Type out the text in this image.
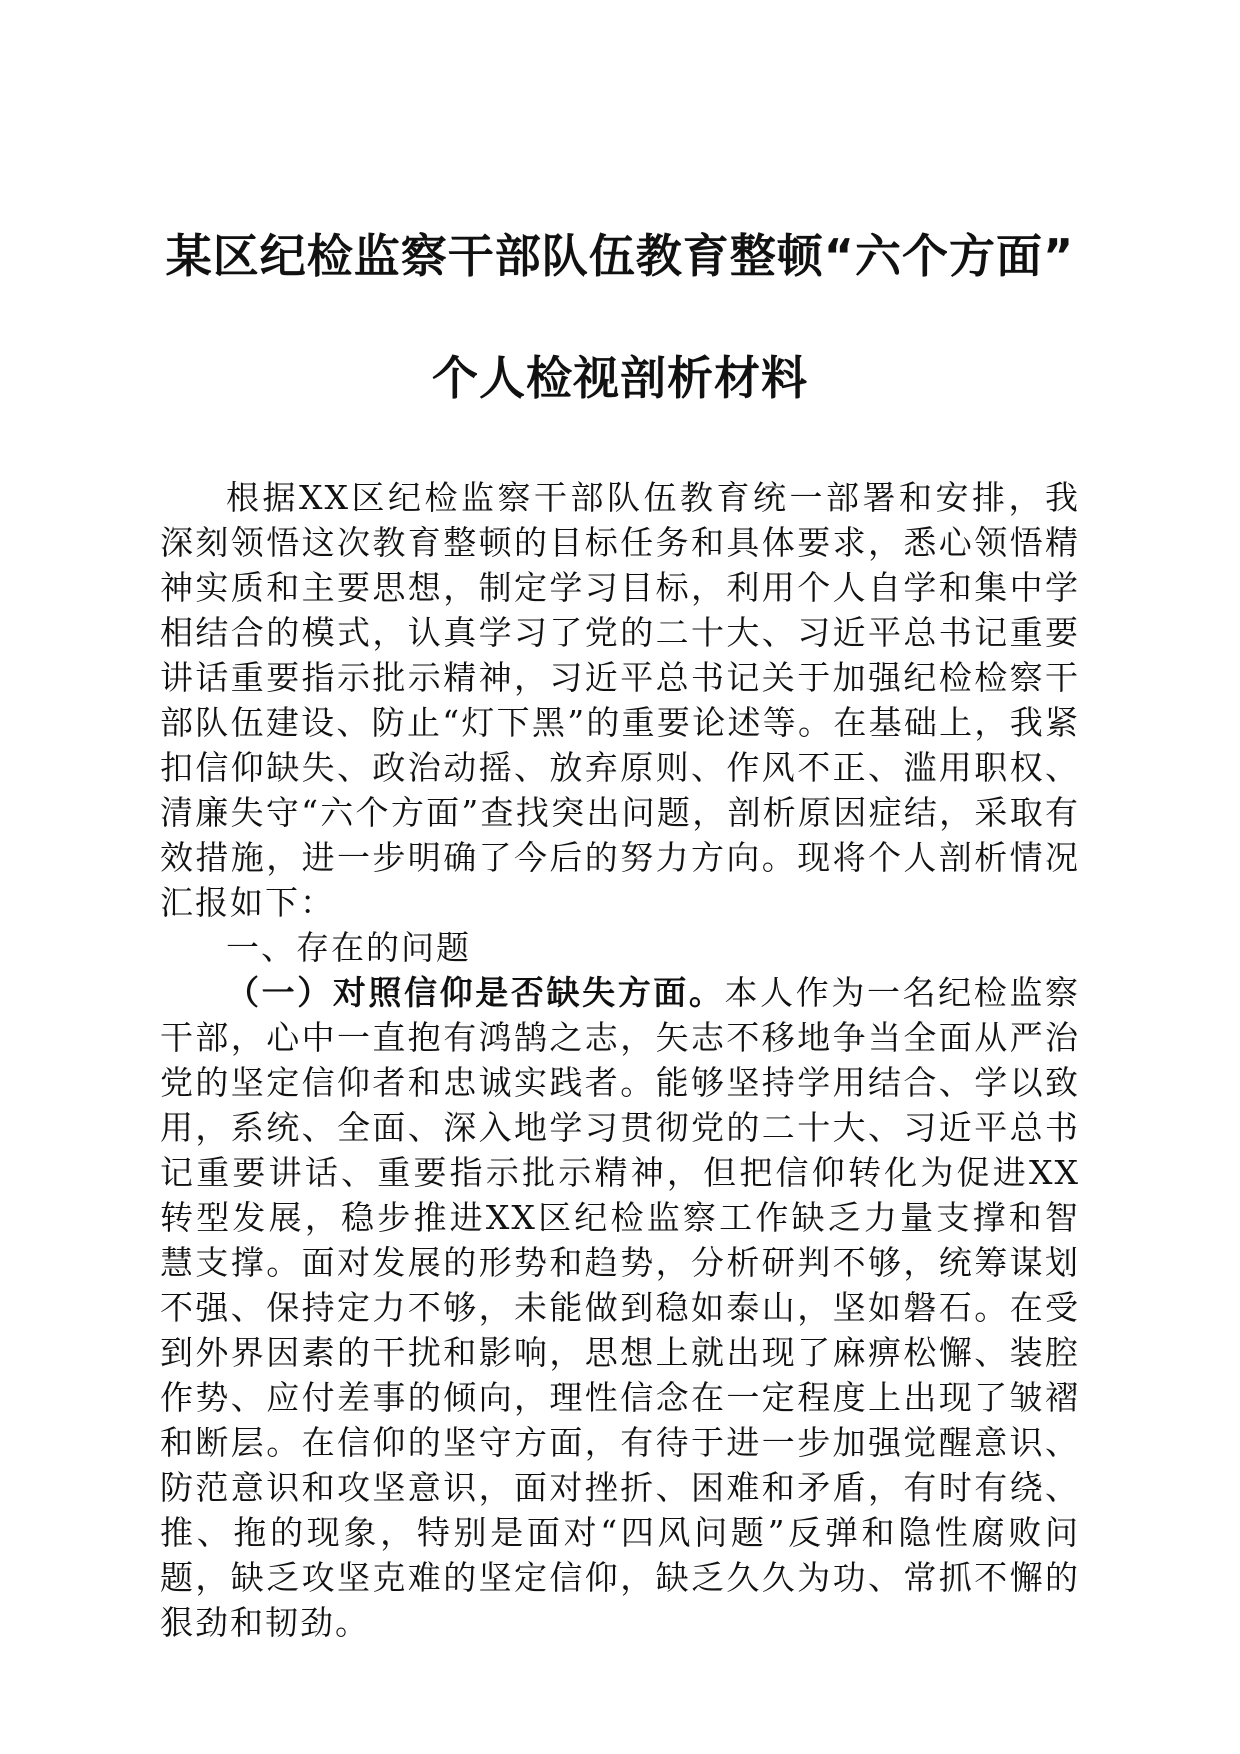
某区纪检监察干部队伍教育整顿“六个方面”
个人检视剖析材料

根据XX区纪检监察干部队伍教育统一部署和安排，我深刻领悟这次教育整顿的目标任务和具体要求，悉心领悟精神实质和主要思想，制定学习目标，利用个人自学和集中学相结合的模式，认真学习了党的二十大、习近平总书记重要讲话重要指示批示精神，习近平总书记关于加强纪检检察干部队伍建设、防止“灯下黑”的重要论述等。在基础上，我紧扣信仰缺失、政治动摇、放弃原则、作风不正、滥用职权、清廉失守“六个方面”查找突出问题，剖析原因症结，采取有效措施，进一步明确了今后的努力方向。现将个人剖析情况汇报如下：

一、存在的问题

（一）对照信仰是否缺失方面。本人作为一名纪检监察干部，心中一直抱有鸿鹄之志，矢志不移地争当全面从严治党的坚定信仰者和忠诚实践者。能够坚持学用结合、学以致用，系统、全面、深入地学习贯彻党的二十大、习近平总书记重要讲话、重要指示批示精神，但把信仰转化为促进XX转型发展，稳步推进XX区纪检监察工作缺乏力量支撑和智慧支撑。面对发展的形势和趋势，分析研判不够，统筹谋划不强、保持定力不够，未能做到稳如泰山，坚如磐石。在受到外界因素的干扰和影响，思想上就出现了麻痹松懈、装腔作势、应付差事的倾向，理性信念在一定程度上出现了皱褶和断层。在信仰的坚守方面，有待于进一步加强觉醒意识、防范意识和攻坚意识，面对挫折、困难和矛盾，有时有绕、推、拖的现象，特别是面对“四风问题”反弹和隐性腐败问题，缺乏攻坚克难的坚定信仰，缺乏久久为功、常抓不懈的狠劲和韧劲。
